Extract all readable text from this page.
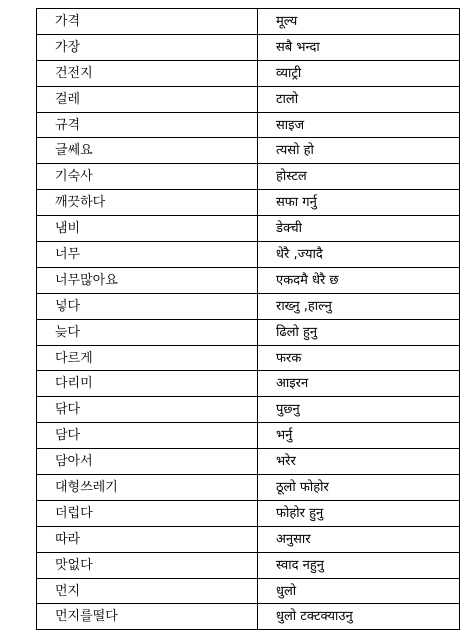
가격	मूल्य
가장	सबै भन्दा
건전지	व्याट्री
걸레	टालो
규격	साइज
글쎄요	त्यसो हो
기숙사	होस्टल
깨끗하다	सफा गर्नु
냄비	डेक्ची
너무	धेरै ,ज्यादै
너무많아요	एकदमै धेरै छ
넣다	राख्नु ,हाल्नु
늦다	ढिलो हुनु
다르게	फरक
다리미	आइरन
닦다	पुछ्नु
담다	भर्नु
담아서	भरेर
대형쓰레기	ठूलो फोहोर
더럽다	फोहोर हुनु
따라	अनुसार
맛없다	स्वाद नहुनु
먼지	धुलो
먼지를떨다	धुलो टक्टक्याउनु
